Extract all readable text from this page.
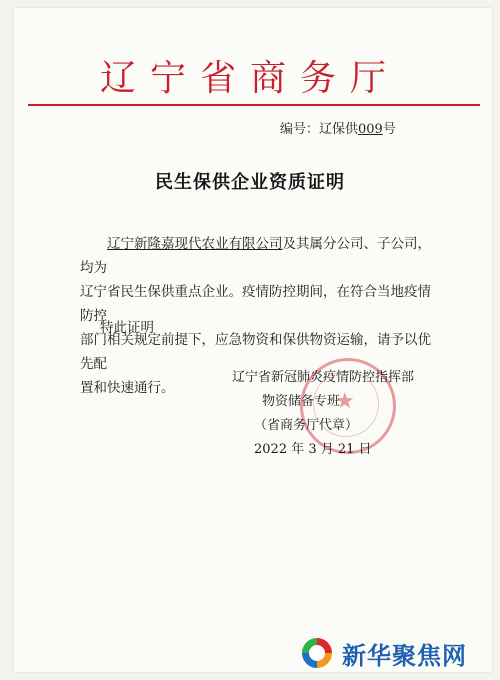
辽宁省商务厅
编号：辽保供009号
民生保供企业资质证明
辽宁新隆嘉现代农业有限公司及其属分公司、子公司，均为
辽宁省民生保供重点企业。疫情防控期间，在符合当地疫情防控
部门相关规定前提下，应急物资和保供物资运输，请予以优先配
置和快速通行。
特此证明
★
辽宁省新冠肺炎疫情防控指挥部
物资储备专班
（省商务厅代章）
2022 年 3 月 21 日
新华聚焦网
